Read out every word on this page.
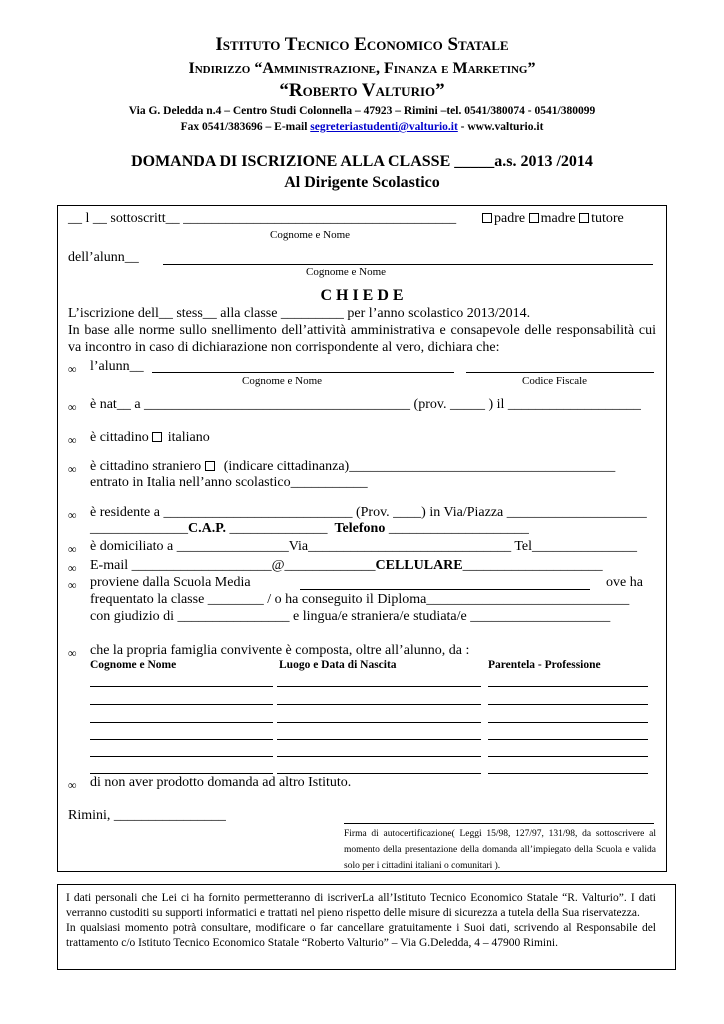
Istituto Tecnico Economico Statale
Indirizzo “Amministrazione, Finanza e Marketing”
“Roberto Valturio”
Via G. Deledda n.4 – Centro Studi Colonnella – 47923 – Rimini –tel. 0541/380074 - 0541/380099
Fax 0541/383696 – E-mail segreteriastudenti@valturio.it - www.valturio.it
DOMANDA DI ISCRIZIONE ALLA CLASSE _____a.s. 2013 /2014
Al Dirigente Scolastico
__ l __ sottoscritt__ _______________________________________	padre madre tutore
Cognome e Nome
dell’alunn__
Cognome e Nome
C H I E D E
L’iscrizione dell__ stess__ alla classe _________ per l’anno scolastico 2013/2014.
In base alle norme sullo snellimento dell’attività amministrativa e consapevole delle responsabilità cui va incontro in caso di dichiarazione non corrispondente al vero, dichiara che:
∞ l’alunn__
Cognome e Nome	Codice Fiscale
∞ è nat__ a ______________________________________ (prov. _____ ) il ___________________
∞ è cittadino italiano
∞ è cittadino straniero (indicare cittadinanza)______________________________________
entrato in Italia nell’anno scolastico___________
∞ è residente a ___________________________ (Prov. ____) in Via/Piazza ____________________
______________C.A.P. ______________ Telefono ____________________
∞ è domiciliato a ________________Via_____________________________ Tel_______________
∞ E-mail ____________________@_____________CELLULARE____________________
∞ proviene dalla Scuola Media	ove ha
frequentato la classe ________ / o ha conseguito il Diploma_____________________________
con giudizio di ________________ e lingua/e straniera/e studiata/e ____________________
∞ che la propria famiglia convivente è composta, oltre all’alunno, da :
Cognome e Nome	Luogo e Data di Nascita	Parentela - Professione
∞ di non aver prodotto domanda ad altro Istituto.
Rimini, ________________
Firma di autocertificazione( Leggi 15/98, 127/97, 131/98, da sottoscrivere al momento della presentazione della domanda all’impiegato della Scuola e valida solo per i cittadini italiani o comunitari ).
I dati personali che Lei ci ha fornito permetteranno di iscriverLa all’Istituto Tecnico Economico Statale “R. Valturio”. I dati verranno custoditi su supporti informatici e trattati nel pieno rispetto delle misure di sicurezza a tutela della Sua riservatezza.
In qualsiasi momento potrà consultare, modificare o far cancellare gratuitamente i Suoi dati, scrivendo al Responsabile del trattamento c/o Istituto Tecnico Economico Statale “Roberto Valturio” – Via G.Deledda, 4 – 47900 Rimini.
